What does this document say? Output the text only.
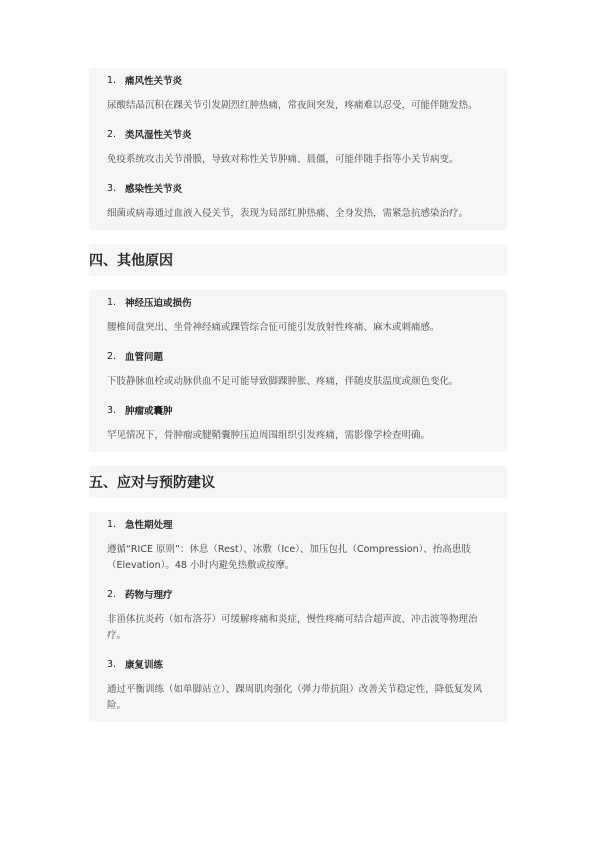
1. 痛风性关节炎
尿酸结晶沉积在踝关节引发剧烈红肿热痛，常夜间突发，疼痛难以忍受，可能伴随发热。
2. 类风湿性关节炎
免疫系统攻击关节滑膜，导致对称性关节肿痛、晨僵，可能伴随手指等小关节病变。
3. 感染性关节炎
细菌或病毒通过血液入侵关节，表现为局部红肿热痛、全身发热，需紧急抗感染治疗。
四、其他原因
1. 神经压迫或损伤
腰椎间盘突出、坐骨神经痛或踝管综合征可能引发放射性疼痛、麻木或刺痛感。
2. 血管问题
下肢静脉血栓或动脉供血不足可能导致脚踝肿胀、疼痛，伴随皮肤温度或颜色变化。
3. 肿瘤或囊肿
罕见情况下，骨肿瘤或腱鞘囊肿压迫周围组织引发疼痛，需影像学检查明确。
五、应对与预防建议
1. 急性期处理
遵循“RICE 原则”：休息（Rest）、冰敷（Ice）、加压包扎（Compression）、抬高患肢（Elevation）。48 小时内避免热敷或按摩。
2. 药物与理疗
非甾体抗炎药（如布洛芬）可缓解疼痛和炎症，慢性疼痛可结合超声波、冲击波等物理治疗。
3. 康复训练
通过平衡训练（如单脚站立）、踝周肌肉强化（弹力带抗阻）改善关节稳定性，降低复发风险。
